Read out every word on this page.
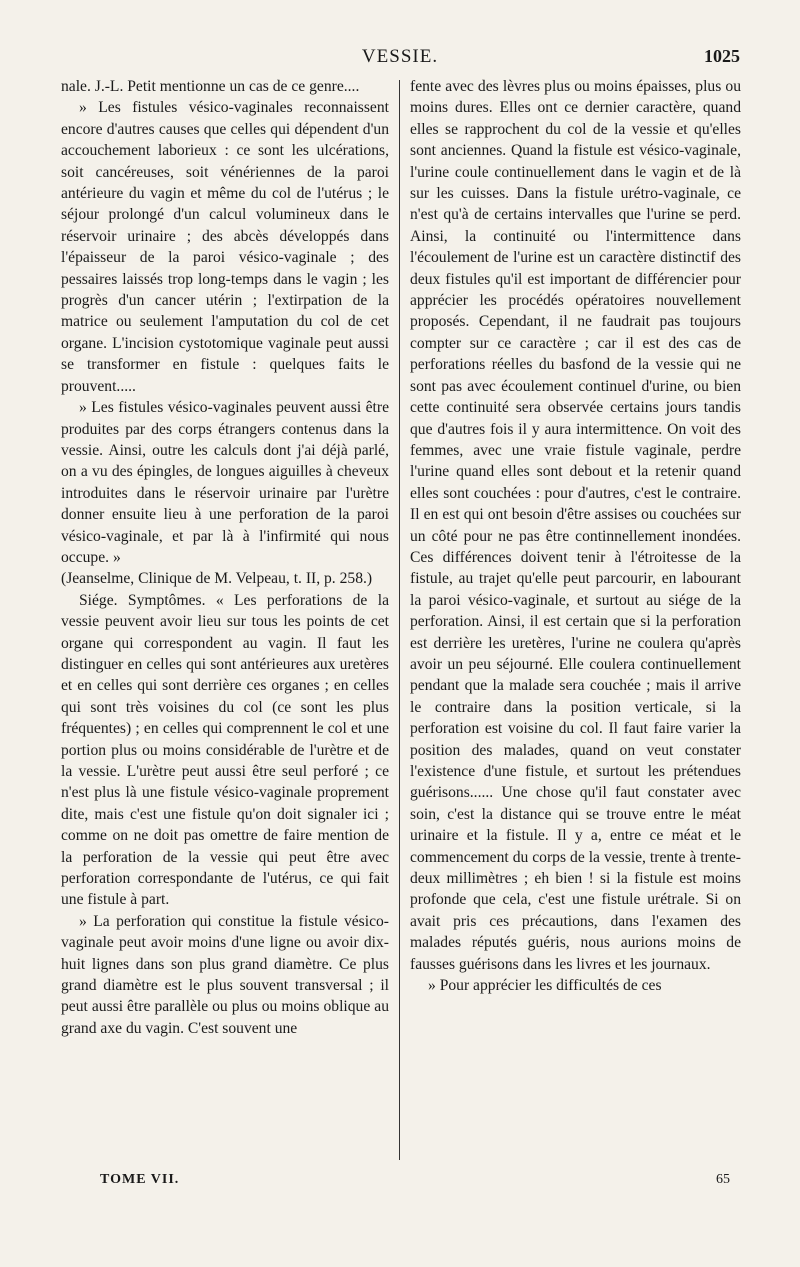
VESSIE.	1025

nale. J.-L. Petit mentionne un cas de ce genre....

» Les fistules vésico-vaginales reconnaissent encore d'autres causes que celles qui dépendent d'un accouchement laborieux : ce sont les ulcérations, soit cancéreuses, soit vénériennes de la paroi antérieure du vagin et même du col de l'utérus ; le séjour prolongé d'un calcul volumineux dans le réservoir urinaire ; des abcès développés dans l'épaisseur de la paroi vésico-vaginale ; des pessaires laissés trop long-temps dans le vagin ; les progrès d'un cancer utérin ; l'extirpation de la matrice ou seulement l'amputation du col de cet organe. L'incision cystotomique vaginale peut aussi se transformer en fistule : quelques faits le prouvent.....

» Les fistules vésico-vaginales peuvent aussi être produites par des corps étrangers contenus dans la vessie. Ainsi, outre les calculs dont j'ai déjà parlé, on a vu des épingles, de longues aiguilles à cheveux introduites dans le réservoir urinaire par l'urètre donner ensuite lieu à une perforation de la paroi vésico-vaginale, et par là à l'infirmité qui nous occupe. »

(Jeanselme, Clinique de M. Velpeau, t. II, p. 258.)

Siége. Symptômes. « Les perforations de la vessie peuvent avoir lieu sur tous les points de cet organe qui correspondent au vagin. Il faut les distinguer en celles qui sont antérieures aux uretères et en celles qui sont derrière ces organes ; en celles qui sont très voisines du col (ce sont les plus fréquentes) ; en celles qui comprennent le col et une portion plus ou moins considérable de l'urètre et de la vessie. L'urètre peut aussi être seul perforé ; ce n'est plus là une fistule vésico-vaginale proprement dite, mais c'est une fistule qu'on doit signaler ici ; comme on ne doit pas omettre de faire mention de la perforation de la vessie qui peut être avec perforation correspondante de l'utérus, ce qui fait une fistule à part.

» La perforation qui constitue la fistule vésico-vaginale peut avoir moins d'une ligne ou avoir dix-huit lignes dans son plus grand diamètre. Ce plus grand diamètre est le plus souvent transversal ; il peut aussi être parallèle ou plus ou moins oblique au grand axe du vagin. C'est souvent une

fente avec des lèvres plus ou moins épaisses, plus ou moins dures. Elles ont ce dernier caractère, quand elles se rapprochent du col de la vessie et qu'elles sont anciennes. Quand la fistule est vésico-vaginale, l'urine coule continuellement dans le vagin et de là sur les cuisses. Dans la fistule urétro-vaginale, ce n'est qu'à de certains intervalles que l'urine se perd. Ainsi, la continuité ou l'intermittence dans l'écoulement de l'urine est un caractère distinctif des deux fistules qu'il est important de différencier pour apprécier les procédés opératoires nouvellement proposés. Cependant, il ne faudrait pas toujours compter sur ce caractère ; car il est des cas de perforations réelles du basfond de la vessie qui ne sont pas avec écoulement continuel d'urine, ou bien cette continuité sera observée certains jours tandis que d'autres fois il y aura intermittence. On voit des femmes, avec une vraie fistule vaginale, perdre l'urine quand elles sont debout et la retenir quand elles sont couchées : pour d'autres, c'est le contraire. Il en est qui ont besoin d'être assises ou couchées sur un côté pour ne pas être continnellement inondées. Ces différences doivent tenir à l'étroitesse de la fistule, au trajet qu'elle peut parcourir, en labourant la paroi vésico-vaginale, et surtout au siége de la perforation. Ainsi, il est certain que si la perforation est derrière les uretères, l'urine ne coulera qu'après avoir un peu séjourné. Elle coulera continuellement pendant que la malade sera couchée ; mais il arrive le contraire dans la position verticale, si la perforation est voisine du col. Il faut faire varier la position des malades, quand on veut constater l'existence d'une fistule, et surtout les prétendues guérisons...... Une chose qu'il faut constater avec soin, c'est la distance qui se trouve entre le méat urinaire et la fistule. Il y a, entre ce méat et le commencement du corps de la vessie, trente à trente-deux millimètres ; eh bien ! si la fistule est moins profonde que cela, c'est une fistule urétrale. Si on avait pris ces précautions, dans l'examen des malades réputés guéris, nous aurions moins de fausses guérisons dans les livres et les journaux.

» Pour apprécier les difficultés de ces

TOME VII.	65
